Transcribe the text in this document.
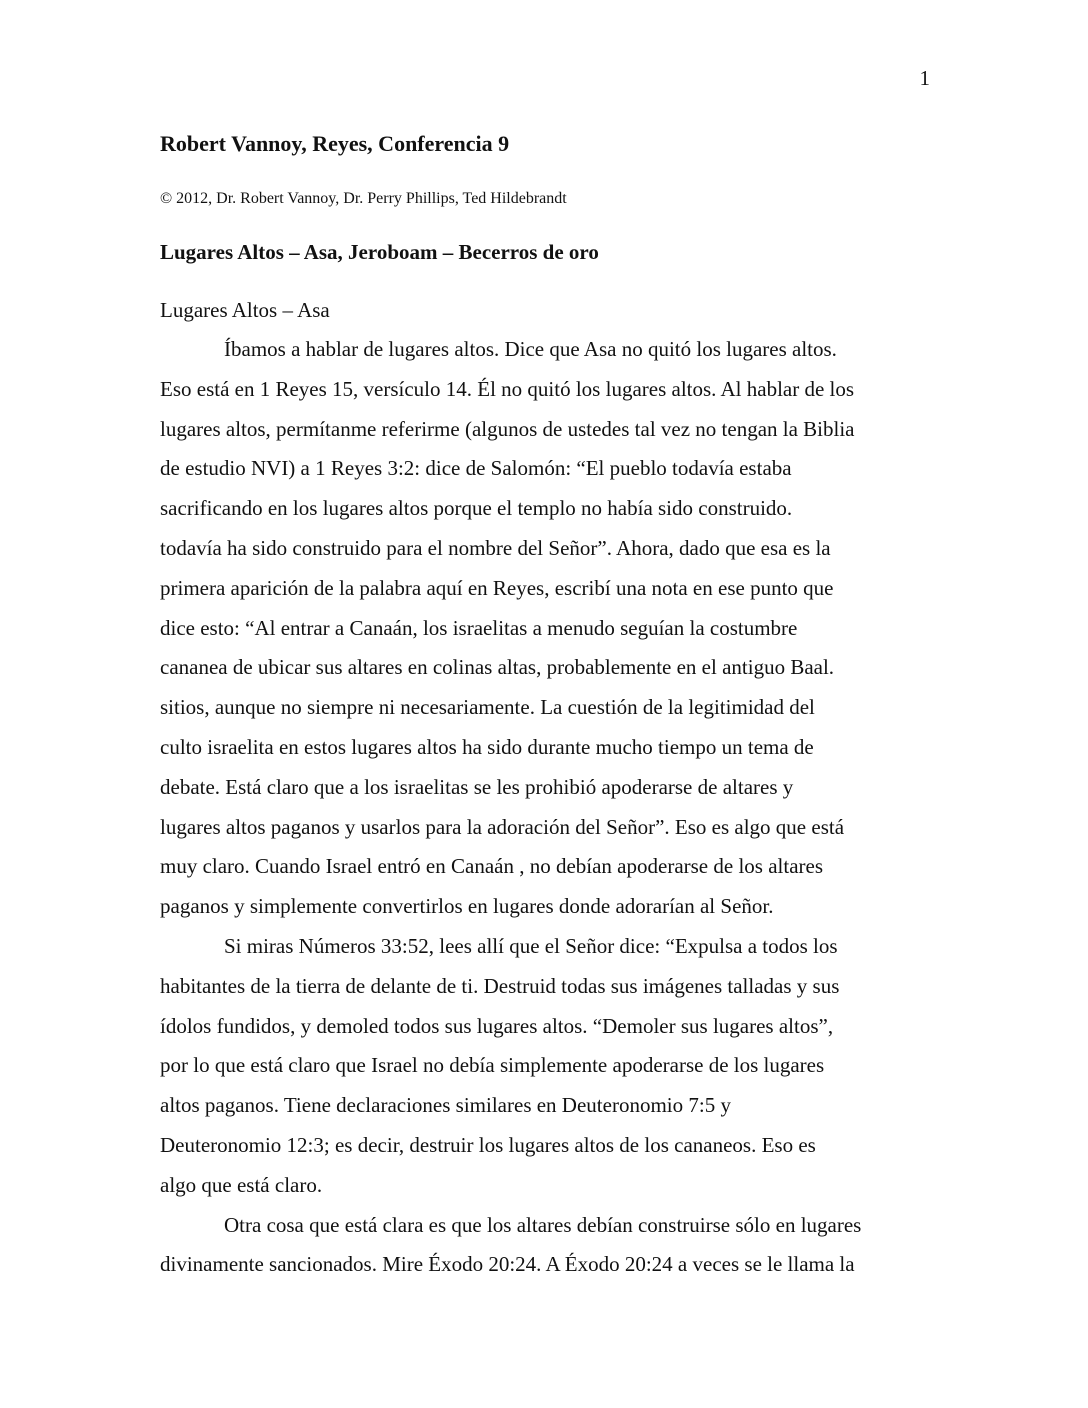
1
Robert Vannoy, Reyes, Conferencia 9
© 2012, Dr. Robert Vannoy, Dr. Perry Phillips, Ted Hildebrandt
Lugares Altos – Asa, Jeroboam – Becerros de oro
Lugares Altos – Asa
Íbamos a hablar de lugares altos. Dice que Asa no quitó los lugares altos.
Eso está en 1 Reyes 15, versículo 14. Él no quitó los lugares altos. Al hablar de los
lugares altos, permítanme referirme (algunos de ustedes tal vez no tengan la Biblia
de estudio NVI) a 1 Reyes 3:2: dice de Salomón: “El pueblo todavía estaba
sacrificando en los lugares altos porque el templo no había sido construido.
todavía ha sido construido para el nombre del Señor”. Ahora, dado que esa es la
primera aparición de la palabra aquí en Reyes, escribí una nota en ese punto que
dice esto: “Al entrar a Canaán, los israelitas a menudo seguían la costumbre
cananea de ubicar sus altares en colinas altas, probablemente en el antiguo Baal.
sitios, aunque no siempre ni necesariamente. La cuestión de la legitimidad del
culto israelita en estos lugares altos ha sido durante mucho tiempo un tema de
debate. Está claro que a los israelitas se les prohibió apoderarse de altares y
lugares altos paganos y usarlos para la adoración del Señor”. Eso es algo que está
muy claro. Cuando Israel entró en Canaán , no debían apoderarse de los altares
paganos y simplemente convertirlos en lugares donde adorarían al Señor.
Si miras Números 33:52, lees allí que el Señor dice: “Expulsa a todos los
habitantes de la tierra de delante de ti. Destruid todas sus imágenes talladas y sus
ídolos fundidos, y demoled todos sus lugares altos. “Demoler sus lugares altos”,
por lo que está claro que Israel no debía simplemente apoderarse de los lugares
altos paganos. Tiene declaraciones similares en Deuteronomio 7:5 y
Deuteronomio 12:3; es decir, destruir los lugares altos de los cananeos. Eso es
algo que está claro.
Otra cosa que está clara es que los altares debían construirse sólo en lugares
divinamente sancionados. Mire Éxodo 20:24. A Éxodo 20:24 a veces se le llama la
